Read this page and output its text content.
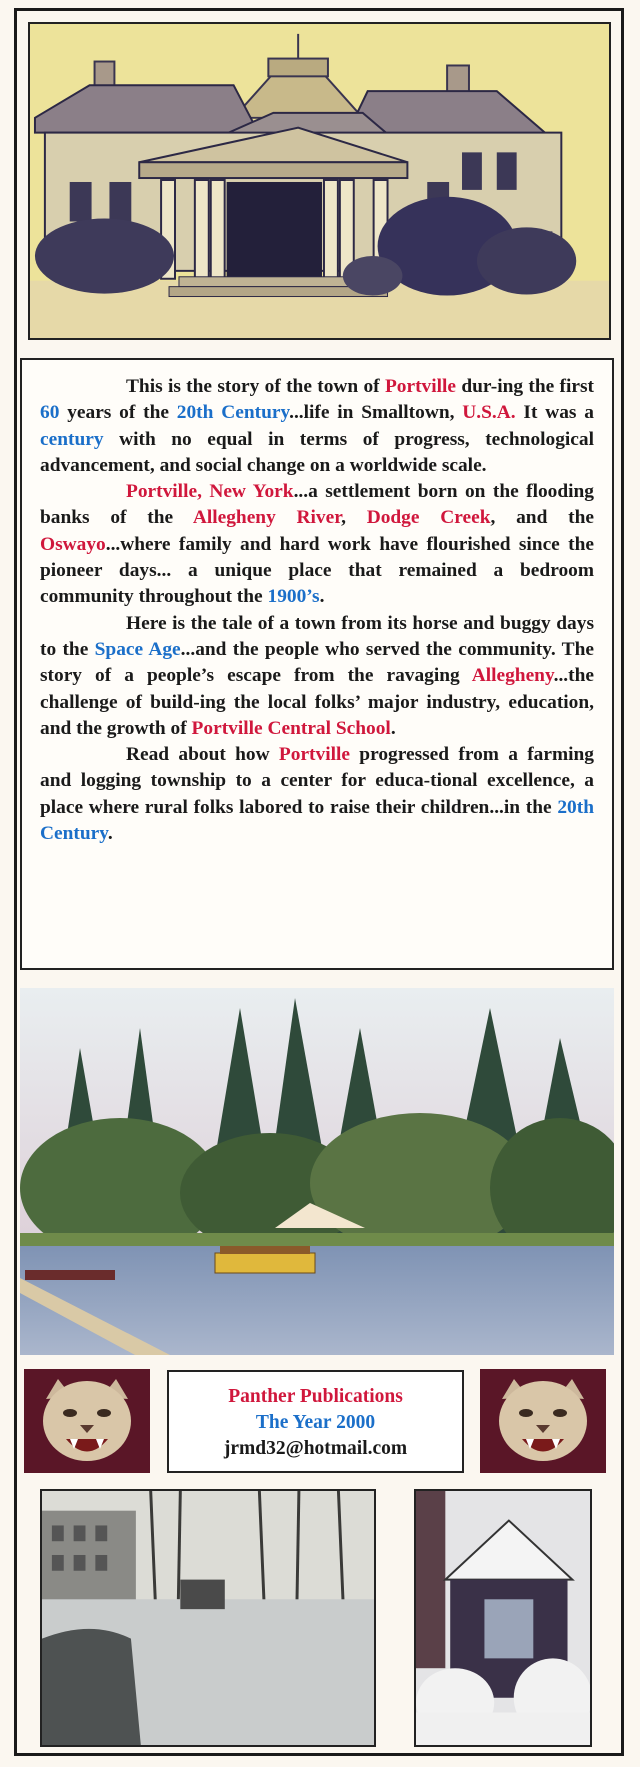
This is the story of the town of Portville dur-ing the first 60 years of the 20th Century...life in Smalltown, U.S.A. It was a century with no equal in terms of progress, technological advancement, and social change on a worldwide scale.

Portville, New York...a settlement born on the flooding banks of the Allegheny River, Dodge Creek, and the Oswayo...where family and hard work have flourished since the pioneer days... a unique place that remained a bedroom community throughout the 1900’s.

Here is the tale of a town from its horse and buggy days to the Space Age...and the people who served the community. The story of a people’s escape from the ravaging Allegheny...the challenge of build-ing the local folks’ major industry, education, and the growth of Portville Central School.

Read about how Portville progressed from a farming and logging township to a center for educa-tional excellence, a place where rural folks labored to raise their children...in the 20th Century.

Panther Publications
The Year 2000
jrmd32@hotmail.com
